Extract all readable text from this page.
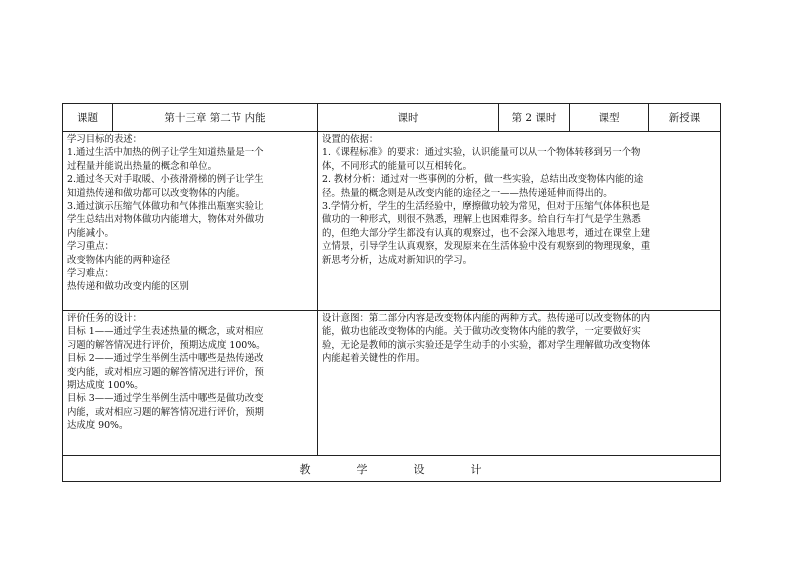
课题	第十三章 第二节 内能	课时	第 2 课时	课型	新授课
学习目标的表述：
1.通过生活中加热的例子让学生知道热量是一个
过程量并能说出热量的概念和单位。
2.通过冬天对手取暖、小孩滑滑梯的例子让学生
知道热传递和做功都可以改变物体的内能。
3.通过演示压缩气体做功和气体推出瓶塞实验让
学生总结出对物体做功内能增大，物体对外做功
内能减小。
学习重点：
改变物体内能的两种途径
学习难点：
热传递和做功改变内能的区别
设置的依据：
1.《课程标准》的要求：通过实验，认识能量可以从一个物体转移到另一个物
体，不同形式的能量可以互相转化。
2. 教材分析：通过对一些事例的分析，做一些实验，总结出改变物体内能的途
径。热量的概念则是从改变内能的途径之一——热传递延伸而得出的。
3.学情分析，学生的生活经验中，摩擦做功较为常见，但对于压缩气体体积也是
做功的一种形式，则很不熟悉，理解上也困难得多。给自行车打气是学生熟悉
的，但绝大部分学生都没有认真的观察过，也不会深入地思考，通过在课堂上建
立情景，引导学生认真观察，发现原来在生活体验中没有观察到的物理现象，重
新思考分析，达成对新知识的学习。
评价任务的设计：
目标 1——通过学生表述热量的概念，或对相应
习题的解答情况进行评价，预期达成度 100%。
目标 2——通过学生举例生活中哪些是热传递改
变内能，或对相应习题的解答情况进行评价，预
期达成度 100%。
目标 3——通过学生举例生活中哪些是做功改变
内能，或对相应习题的解答情况进行评价，预期
达成度 90%。
设计意图：第二部分内容是改变物体内能的两种方式。热传递可以改变物体的内
能，做功也能改变物体的内能。关于做功改变物体内能的教学，一定要做好实
验，无论是教师的演示实验还是学生动手的小实验，都对学生理解做功改变物体
内能起着关键性的作用。
教	学	设	计
